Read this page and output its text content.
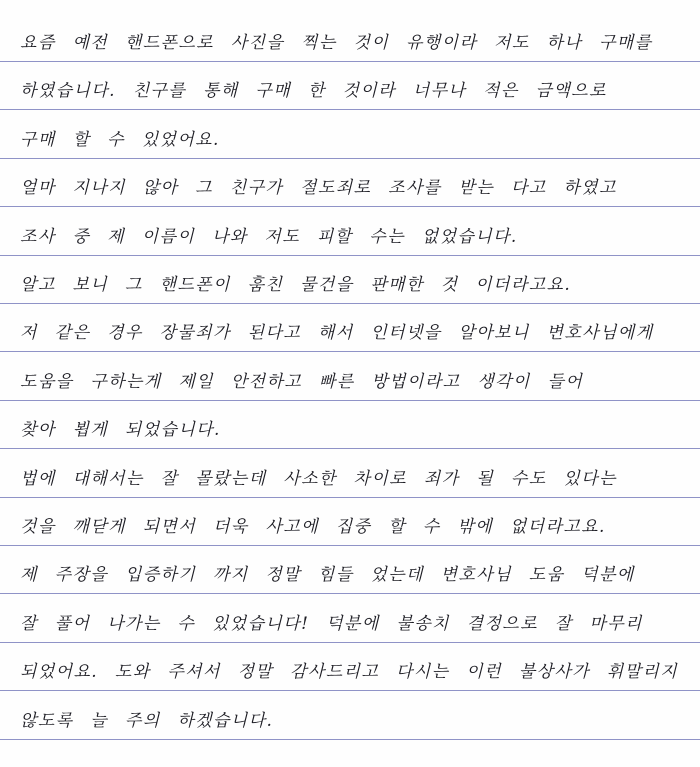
요즘 예전 핸드폰으로 사진을 찍는 것이 유행이라 저도 하나 구매를
하였습니다. 친구를 통해 구매 한 것이라 너무나 적은 금액으로
구매 할 수 있었어요.
얼마 지나지 않아 그 친구가 절도죄로 조사를 받는 다고 하였고
조사 중 제 이름이 나와 저도 피할 수는 없었습니다.
알고 보니 그 핸드폰이 훔친 물건을 판매한 것 이더라고요.
저 같은 경우 장물죄가 된다고 해서 인터넷을 알아보니 변호사님에게
도움을 구하는게 제일 안전하고 빠른 방법이라고 생각이 들어
찾아 뵙게 되었습니다.
법에 대해서는 잘 몰랐는데 사소한 차이로 죄가 될 수도 있다는
것을 깨닫게 되면서 더욱 사고에 집중 할 수 밖에 없더라고요.
제 주장을 입증하기 까지 정말 힘들 었는데 변호사님 도움 덕분에
잘 풀어 나가는 수 있었습니다! 덕분에 불송치 결정으로 잘 마무리
되었어요. 도와 주셔서 정말 감사드리고 다시는 이런 불상사가 휘말리지
않도록 늘 주의 하겠습니다.
